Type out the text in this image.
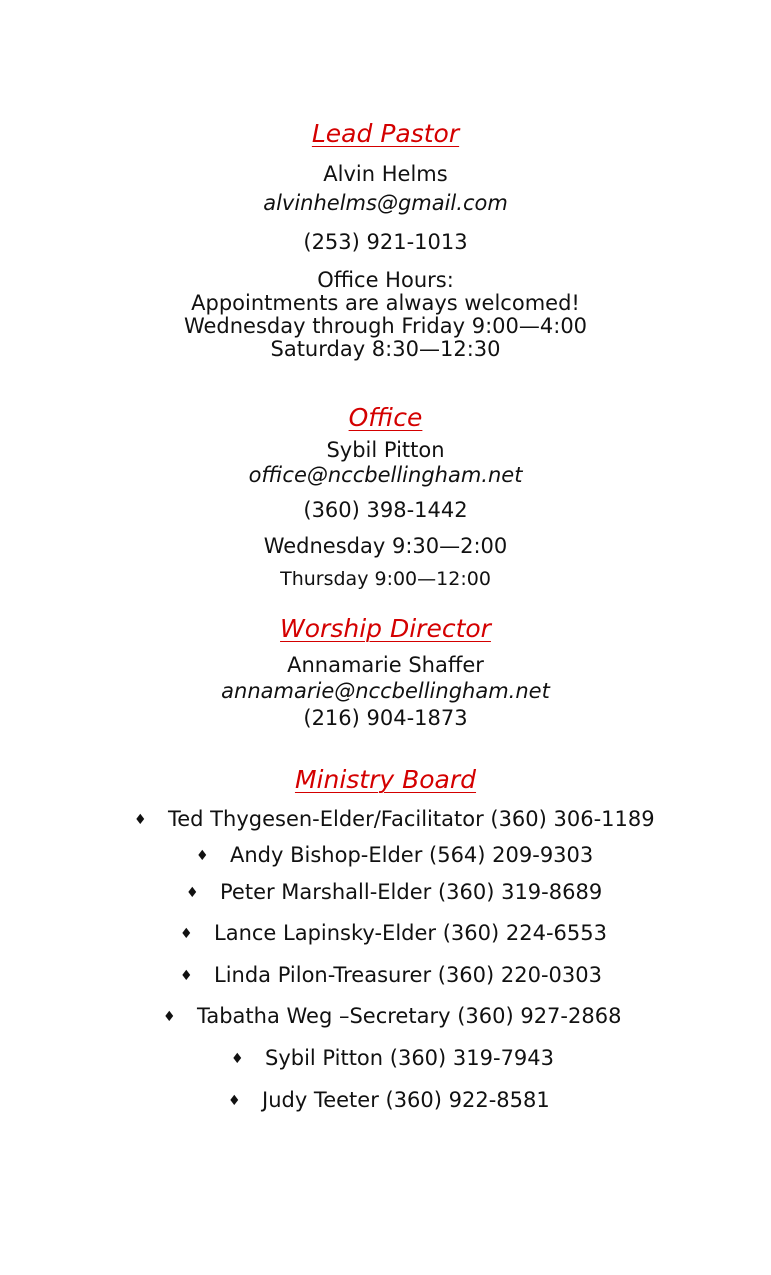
Lead Pastor
Alvin Helms
alvinhelms@gmail.com
(253) 921-1013
Office Hours:
Appointments are always welcomed!
Wednesday through Friday 9:00—4:00
Saturday 8:30—12:30
Office
Sybil Pitton
office@nccbellingham.net
(360) 398-1442
Wednesday 9:30—2:00
Thursday 9:00—12:00
Worship Director
Annamarie Shaffer
annamarie@nccbellingham.net
(216) 904-1873
Ministry Board
♦	Ted Thygesen-Elder/Facilitator (360) 306-1189
♦	Andy Bishop-Elder (564) 209-9303
♦	Peter Marshall-Elder (360) 319-8689
♦	Lance Lapinsky-Elder (360) 224-6553
♦	Linda Pilon-Treasurer (360) 220-0303
♦	Tabatha Weg –Secretary (360) 927-2868
♦	Sybil Pitton (360) 319-7943
♦	Judy Teeter (360) 922-8581
